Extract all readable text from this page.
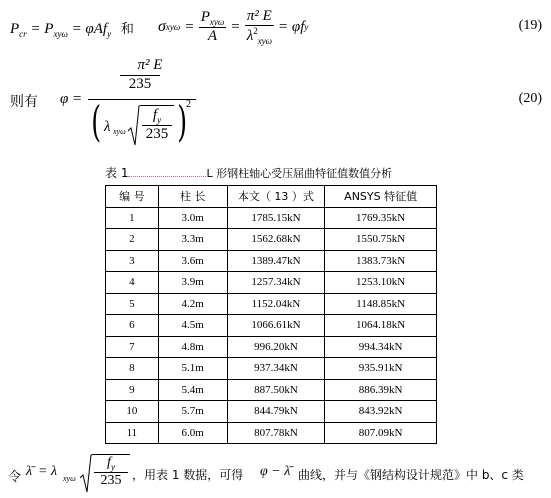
$P_{cr} = P_{xy\omega} = \varphi Af_y$ 和 σ $xy\omega = \frac{P_{xy\omega}}{A} = \frac{\text{π² E}}{\lambda^2_{xy\omega}} = \varphi f$ y	(19)
则有 φ =
$\frac{\text{π² E}}{235}$
( λ xyω
$f_y$
235 )
2	(20)
表 1	L 形钢柱轴心受压屈曲特征值数值分析
编 号	柱 长	本文（ 13 ）式	ANSYS 特征值
1	3.0m	1785.15kN	1769.35kN
2	3.3m	1562.68kN	1550.75kN
3	3.6m	1389.47kN	1383.73kN
4	3.9m	1257.34kN	1253.10kN
5	4.2m	1152.04kN	1148.85kN
6	4.5m	1066.61kN	1064.18kN
7	4.8m	996.20kN	994.34kN
8	5.1m	937.34kN	935.91kN
9	5.4m	887.50kN	886.39kN
10	5.7m	844.79kN	843.92kN
11	6.0m	807.78kN	807.09kN
令 λ̄ = λ xyω
$f_y$
235 ，用表 1 数据，可得 φ − λ̄ 曲线，并与《钢结构设计规范》中 b、c 类
